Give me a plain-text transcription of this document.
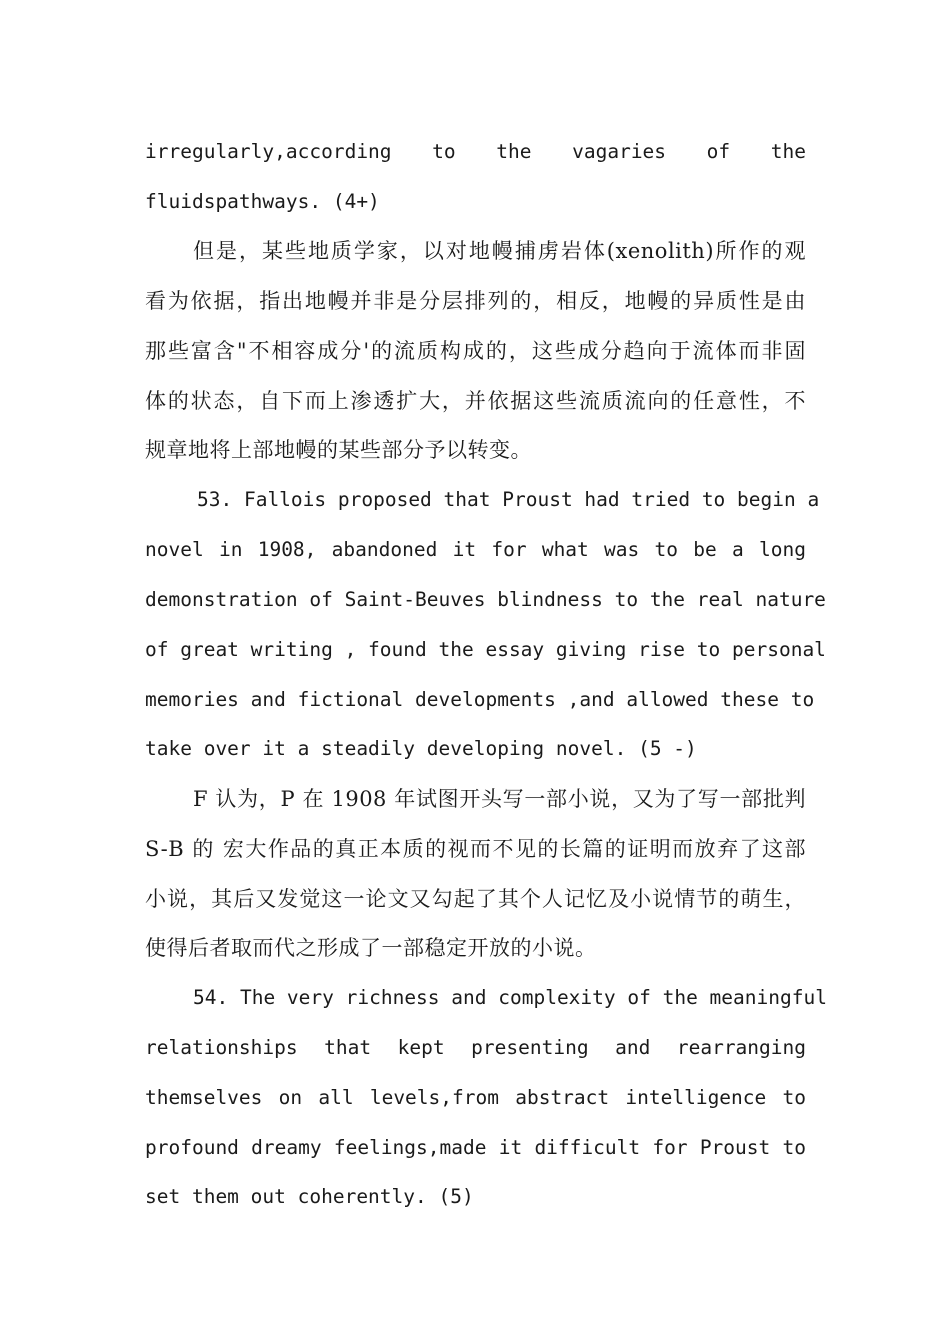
irregularly,according to the vagaries of the
fluidspathways. (4+)
但是，某些地质学家，以对地幔捕虏岩体(xenolith)所作的观
看为依据，指出地幔并非是分层排列的，相反，地幔的异质性是由
那些富含"不相容成分'的流质构成的，这些成分趋向于流体而非固
体的状态，自下而上渗透扩大，并依据这些流质流向的任意性，不
规章地将上部地幔的某些部分予以转变。
53. Fallois proposed that Proust had tried to begin a
novel in 1908, abandoned it for what was to be a long
demonstration of Saint-Beuves blindness to the real nature
of great writing , found the essay giving rise to personal
memories and fictional developments ,and allowed these to
take over it a steadily developing novel. (5 -)
F 认为，P 在 1908 年试图开头写一部小说，又为了写一部批判
S-B 的 宏大作品的真正本质的视而不见的长篇的证明而放弃了这部
小说，其后又发觉这一论文又勾起了其个人记忆及小说情节的萌生，
使得后者取而代之形成了一部稳定开放的小说。
54. The very richness and complexity of the meaningful
relationships that kept presenting and rearranging
themselves on all levels,from abstract intelligence to
profound dreamy feelings,made it difficult for Proust to
set them out coherently. (5)
